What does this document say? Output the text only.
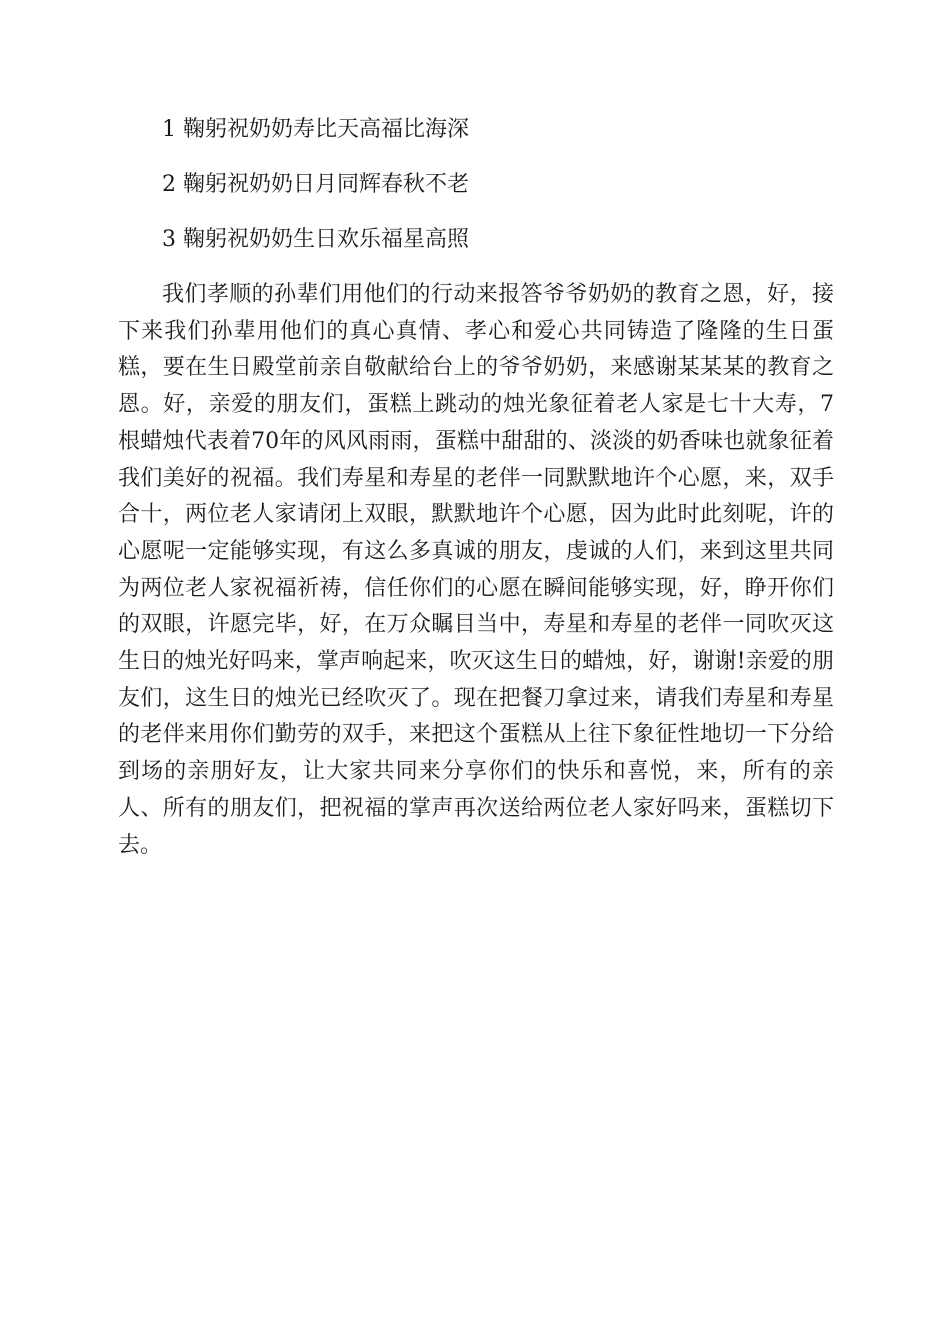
1 鞠躬祝奶奶寿比天高福比海深

2 鞠躬祝奶奶日月同辉春秋不老

3 鞠躬祝奶奶生日欢乐福星高照

我们孝顺的孙辈们用他们的行动来报答爷爷奶奶的教育之恩，好，接下来我们孙辈用他们的真心真情、孝心和爱心共同铸造了隆隆的生日蛋糕，要在生日殿堂前亲自敬献给台上的爷爷奶奶，来感谢某某某的教育之恩。好，亲爱的朋友们，蛋糕上跳动的烛光象征着老人家是七十大寿，7根蜡烛代表着70年的风风雨雨，蛋糕中甜甜的、淡淡的奶香味也就象征着我们美好的祝福。我们寿星和寿星的老伴一同默默地许个心愿，来，双手合十，两位老人家请闭上双眼，默默地许个心愿，因为此时此刻呢，许的心愿呢一定能够实现，有这么多真诚的朋友，虔诚的人们，来到这里共同为两位老人家祝福祈祷，信任你们的心愿在瞬间能够实现，好，睁开你们的双眼，许愿完毕，好，在万众瞩目当中，寿星和寿星的老伴一同吹灭这生日的烛光好吗来，掌声响起来，吹灭这生日的蜡烛，好，谢谢!亲爱的朋友们，这生日的烛光已经吹灭了。现在把餐刀拿过来，请我们寿星和寿星的老伴来用你们勤劳的双手，来把这个蛋糕从上往下象征性地切一下分给到场的亲朋好友，让大家共同来分享你们的快乐和喜悦，来，所有的亲人、所有的朋友们，把祝福的掌声再次送给两位老人家好吗来，蛋糕切下去。
